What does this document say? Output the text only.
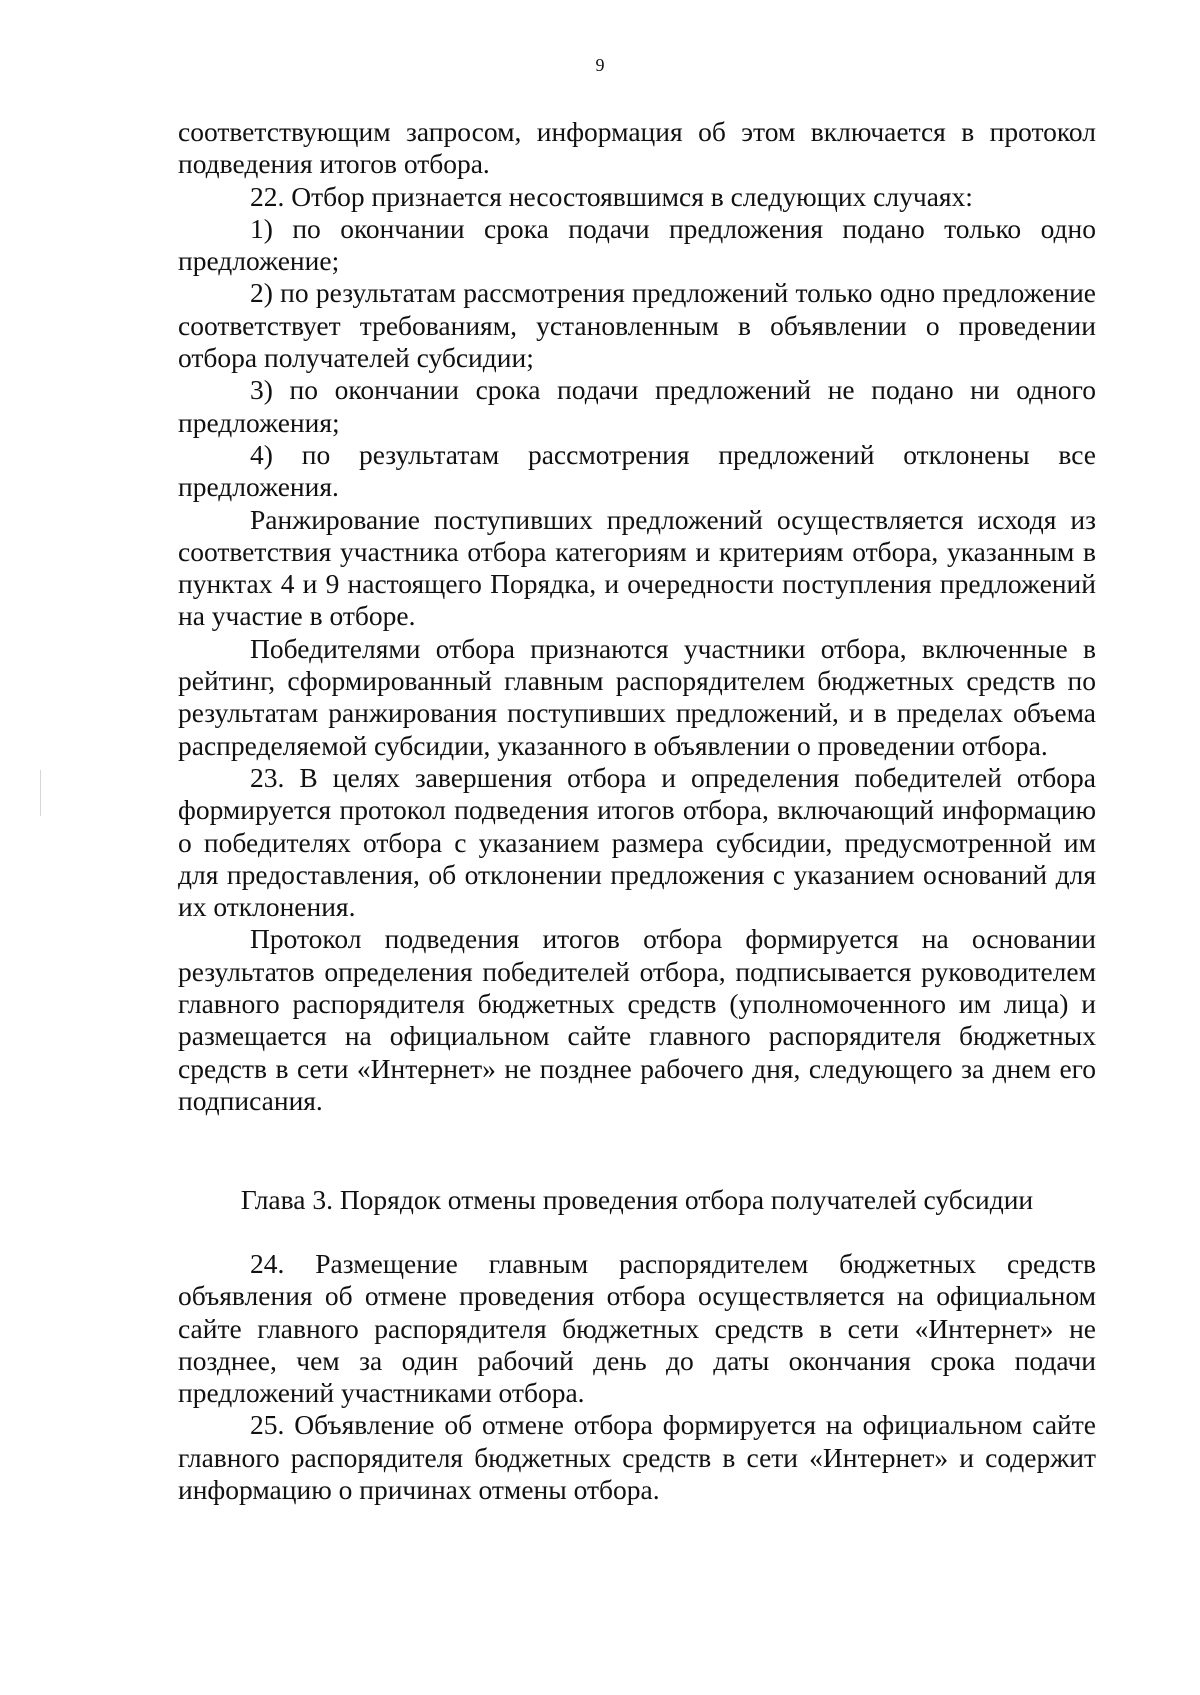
9

соответствующим запросом, информация об этом включается в протокол подведения итогов отбора.

22. Отбор признается несостоявшимся в следующих случаях:

1) по окончании срока подачи предложения подано только одно предложение;

2) по результатам рассмотрения предложений только одно предложение соответствует требованиям, установленным в объявлении о проведении отбора получателей субсидии;

3) по окончании срока подачи предложений не подано ни одного предложения;

4) по результатам рассмотрения предложений отклонены все предложения.

Ранжирование поступивших предложений осуществляется исходя из соответствия участника отбора категориям и критериям отбора, указанным в пунктах 4 и 9 настоящего Порядка, и очередности поступления предложений на участие в отборе.

Победителями отбора признаются участники отбора, включенные в рейтинг, сформированный главным распорядителем бюджетных средств по результатам ранжирования поступивших предложений, и в пределах объема распределяемой субсидии, указанного в объявлении о проведении отбора.

23. В целях завершения отбора и определения победителей отбора формируется протокол подведения итогов отбора, включающий информацию о победителях отбора с указанием размера субсидии, предусмотренной им для предоставления, об отклонении предложения с указанием оснований для их отклонения.

Протокол подведения итогов отбора формируется на основании результатов определения победителей отбора, подписывается руководителем главного распорядителя бюджетных средств (уполномоченного им лица) и размещается на официальном сайте главного распорядителя бюджетных средств в сети «Интернет» не позднее рабочего дня, следующего за днем его подписания.

Глава 3. Порядок отмены проведения отбора получателей субсидии

24. Размещение главным распорядителем бюджетных средств объявления об отмене проведения отбора осуществляется на официальном сайте главного распорядителя бюджетных средств в сети «Интернет» не позднее, чем за один рабочий день до даты окончания срока подачи предложений участниками отбора.

25. Объявление об отмене отбора формируется на официальном сайте главного распорядителя бюджетных средств в сети «Интернет» и содержит информацию о причинах отмены отбора.
